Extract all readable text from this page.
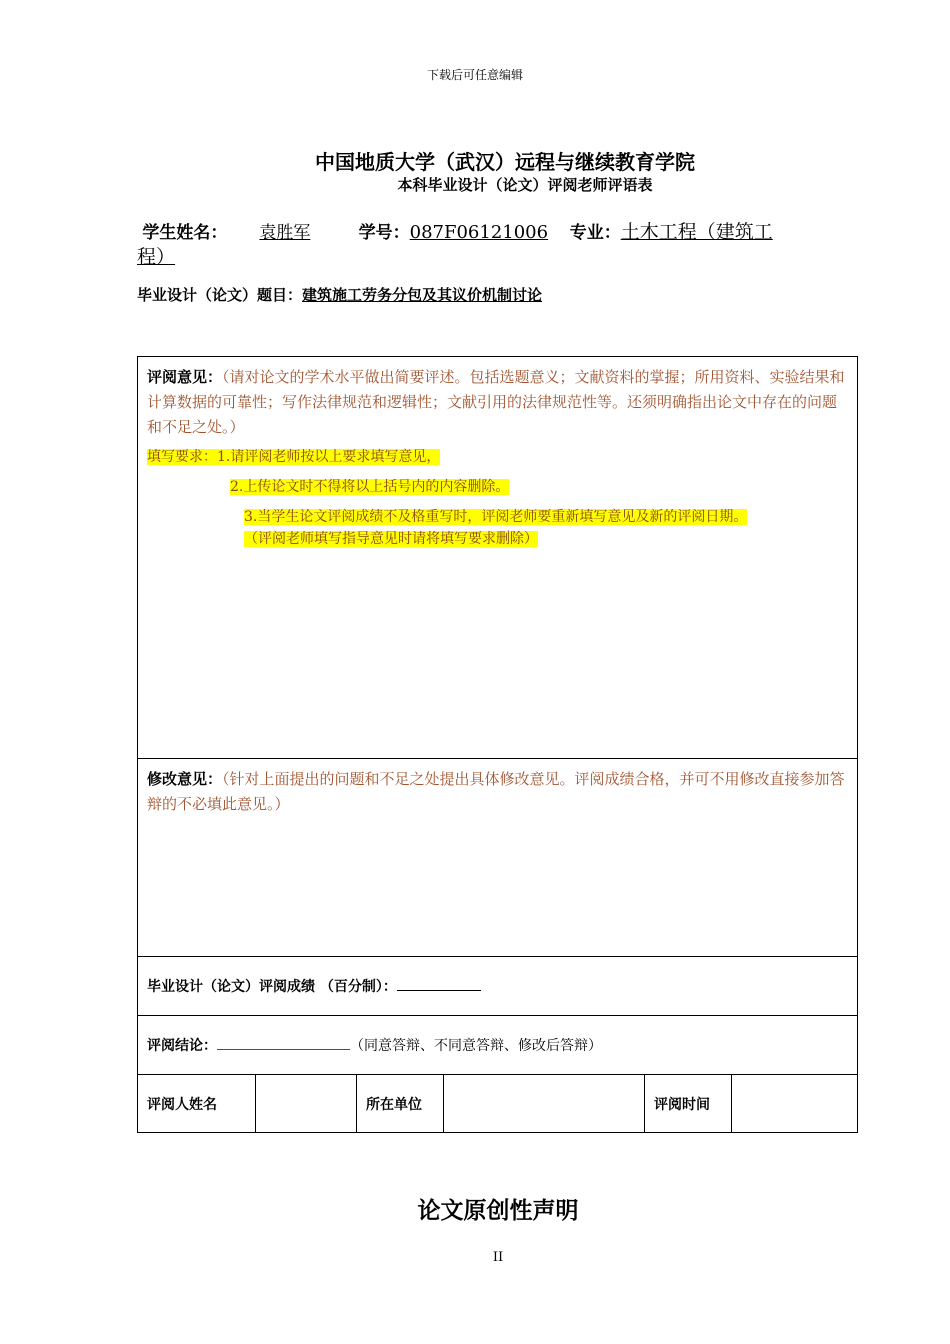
下载后可任意编辑
中国地质大学（武汉）远程与继续教育学院
本科毕业设计（论文）评阅老师评语表
学生姓名： 袁胜军	学号：087F06121006 专业：土木工程（建筑工
程）
毕业设计（论文）题目：建筑施工劳务分包及其议价机制讨论
评阅意见：（请对论文的学术水平做出简要评述。包括选题意义；文献资料的掌握；所用资料、实验结果和计算数据的可靠性；写作法律规范和逻辑性；文献引用的法律规范性等。还须明确指出论文中存在的问题和不足之处。）
填写要求：1.请评阅老师按以上要求填写意见，
2.上传论文时不得将以上括号内的内容删除。
3.当学生论文评阅成绩不及格重写时，评阅老师要重新填写意见及新的评阅日期。
（评阅老师填写指导意见时请将填写要求删除）

修改意见：（针对上面提出的问题和不足之处提出具体修改意见。评阅成绩合格，并可不用修改直接参加答辩的不必填此意见。）

毕业设计（论文）评阅成绩 （百分制）：

评阅结论：	（同意答辩、不同意答辩、修改后答辩）

评阅人姓名		所在单位		评阅时间	
论文原创性声明
II
